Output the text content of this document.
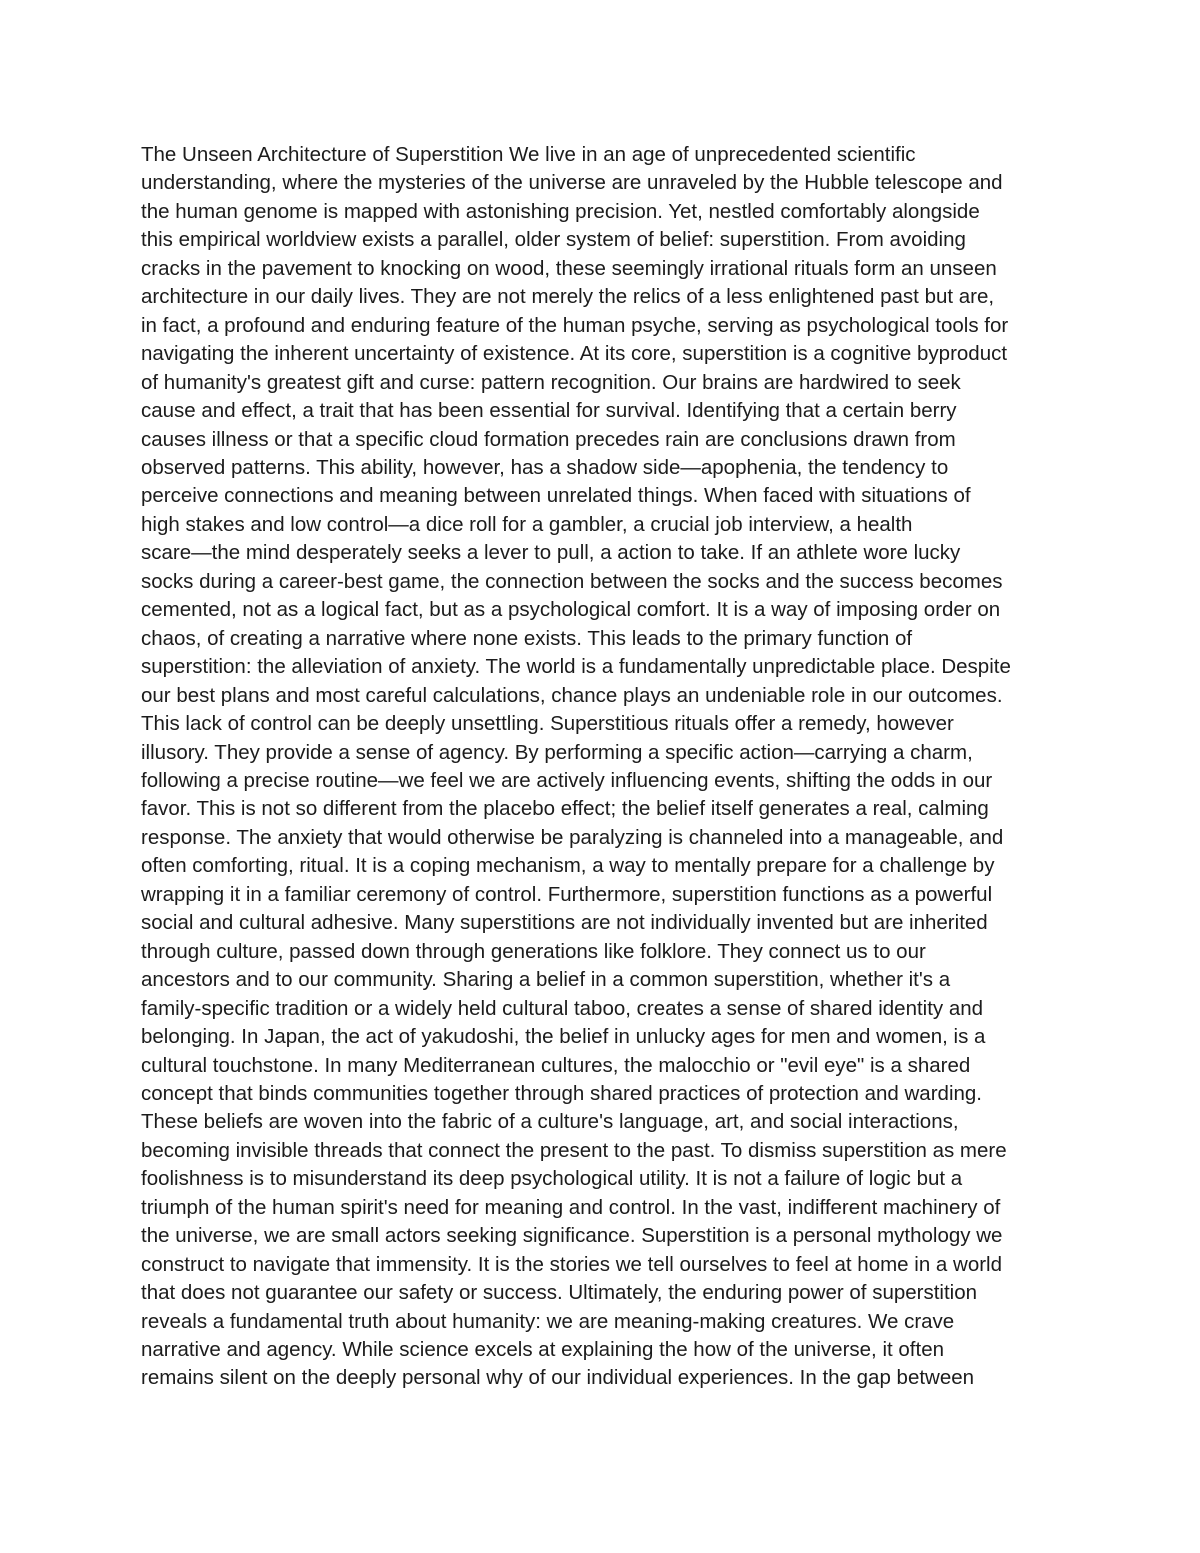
The Unseen Architecture of Superstition We live in an age of unprecedented scientific
understanding, where the mysteries of the universe are unraveled by the Hubble telescope and
the human genome is mapped with astonishing precision. Yet, nestled comfortably alongside
this empirical worldview exists a parallel, older system of belief: superstition. From avoiding
cracks in the pavement to knocking on wood, these seemingly irrational rituals form an unseen
architecture in our daily lives. They are not merely the relics of a less enlightened past but are,
in fact, a profound and enduring feature of the human psyche, serving as psychological tools for
navigating the inherent uncertainty of existence. At its core, superstition is a cognitive byproduct
of humanity's greatest gift and curse: pattern recognition. Our brains are hardwired to seek
cause and effect, a trait that has been essential for survival. Identifying that a certain berry
causes illness or that a specific cloud formation precedes rain are conclusions drawn from
observed patterns. This ability, however, has a shadow side—apophenia, the tendency to
perceive connections and meaning between unrelated things. When faced with situations of
high stakes and low control—a dice roll for a gambler, a crucial job interview, a health
scare—the mind desperately seeks a lever to pull, a action to take. If an athlete wore lucky
socks during a career-best game, the connection between the socks and the success becomes
cemented, not as a logical fact, but as a psychological comfort. It is a way of imposing order on
chaos, of creating a narrative where none exists. This leads to the primary function of
superstition: the alleviation of anxiety. The world is a fundamentally unpredictable place. Despite
our best plans and most careful calculations, chance plays an undeniable role in our outcomes.
This lack of control can be deeply unsettling. Superstitious rituals offer a remedy, however
illusory. They provide a sense of agency. By performing a specific action—carrying a charm,
following a precise routine—we feel we are actively influencing events, shifting the odds in our
favor. This is not so different from the placebo effect; the belief itself generates a real, calming
response. The anxiety that would otherwise be paralyzing is channeled into a manageable, and
often comforting, ritual. It is a coping mechanism, a way to mentally prepare for a challenge by
wrapping it in a familiar ceremony of control. Furthermore, superstition functions as a powerful
social and cultural adhesive. Many superstitions are not individually invented but are inherited
through culture, passed down through generations like folklore. They connect us to our
ancestors and to our community. Sharing a belief in a common superstition, whether it's a
family-specific tradition or a widely held cultural taboo, creates a sense of shared identity and
belonging. In Japan, the act of yakudoshi, the belief in unlucky ages for men and women, is a
cultural touchstone. In many Mediterranean cultures, the malocchio or "evil eye" is a shared
concept that binds communities together through shared practices of protection and warding.
These beliefs are woven into the fabric of a culture's language, art, and social interactions,
becoming invisible threads that connect the present to the past. To dismiss superstition as mere
foolishness is to misunderstand its deep psychological utility. It is not a failure of logic but a
triumph of the human spirit's need for meaning and control. In the vast, indifferent machinery of
the universe, we are small actors seeking significance. Superstition is a personal mythology we
construct to navigate that immensity. It is the stories we tell ourselves to feel at home in a world
that does not guarantee our safety or success. Ultimately, the enduring power of superstition
reveals a fundamental truth about humanity: we are meaning-making creatures. We crave
narrative and agency. While science excels at explaining the how of the universe, it often
remains silent on the deeply personal why of our individual experiences. In the gap between
